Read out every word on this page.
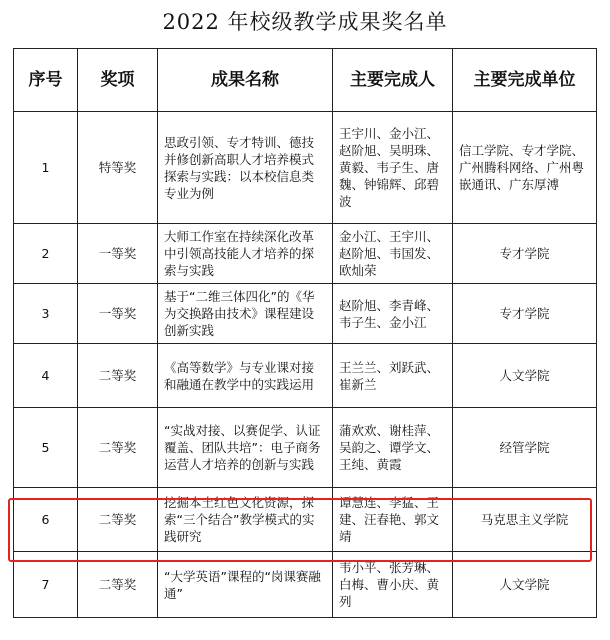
2022 年校级教学成果奖名单
序号	奖项	成果名称	主要完成人	主要完成单位
1	特等奖	思政引领、专才特训、德技并修创新高职人才培养模式探索与实践：以本校信息类专业为例	王宇川、金小江、赵阶旭、吴明珠、黄毅、韦子生、唐魏、钟锦辉、邱碧波	信工学院、专才学院、广州腾科网络、广州粤嵌通讯、广东厚溥
2	一等奖	大师工作室在持续深化改革中引领高技能人才培养的探索与实践	金小江、王宇川、赵阶旭、韦国发、欧灿荣	专才学院
3	一等奖	基于“二维三体四化”的《华为交换路由技术》课程建设创新实践	赵阶旭、李青峰、韦子生、金小江	专才学院
4	二等奖	《高等数学》与专业课对接和融通在教学中的实践运用	王兰兰、刘跃武、崔新兰	人文学院
5	二等奖	“实战对接、以赛促学、认证覆盖、团队共培”：电子商务运营人才培养的创新与实践	蒲欢欢、谢桂萍、吴韵之、谭学文、王纯、黄霞	经管学院
6	二等奖	挖掘本土红色文化资源，探索“三个结合”教学模式的实践研究	谭慧连、李猛、王建、汪春艳、郭文靖	马克思主义学院
7	二等奖	“大学英语”课程的“岗课赛融通”	韦小平、张芳琳、白梅、曹小庆、黄列	人文学院
